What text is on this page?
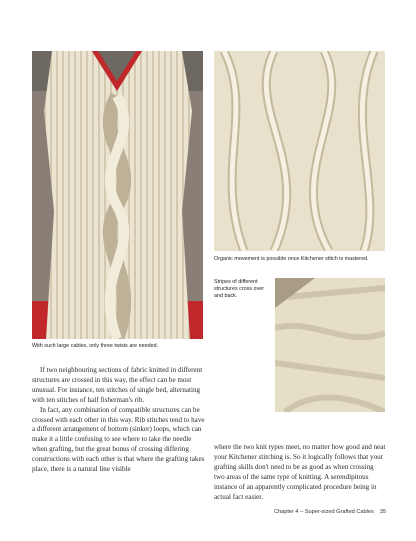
With such large cables, only three twists are needed.
Organic movement is possible once Kitchener stitch is mastered.
Stripes of different structures cross over and back.

If two neighbouring sections of fabric knitted in different structures are crossed in this way, the effect can be most unusual. For instance, ten stitches of single bed, alternating with ten stitches of half fisherman's rib.

In fact, any combination of compatible structures can be crossed with each other in this way. Rib stitches tend to have a different arrangement of bottom (sinker) loops, which can make it a little confusing to see where to take the needle when grafting, but the great bonus of crossing differing constructions with each other is that where the grafting takes place, there is a natural line visible

where the two knit types meet, no matter how good and neat your Kitchener stitching is. So it logically follows that your grafting skills don't need to be as good as when crossing two areas of the same type of knitting. A serendipitous instance of an apparently complicated procedure being in actual fact easier.

Chapter 4 – Super-sized Grafted Cables 35
